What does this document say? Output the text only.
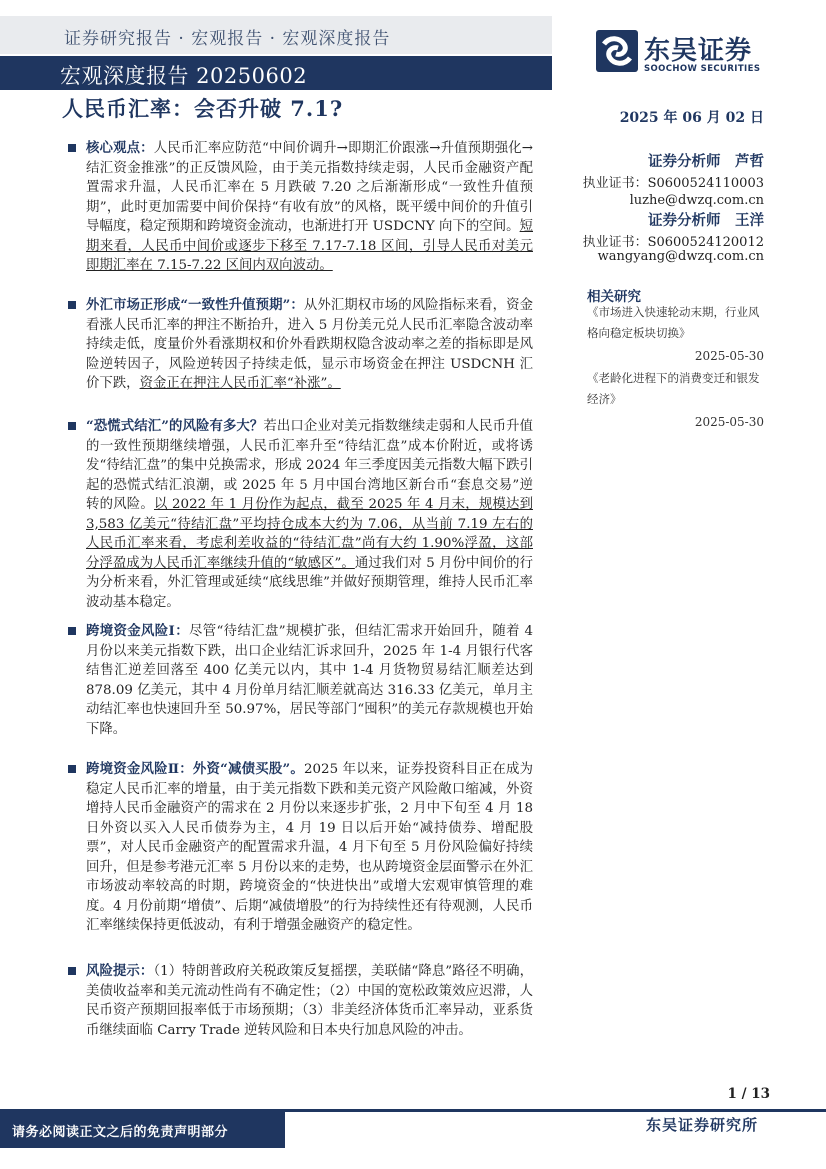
证券研究报告 · 宏观报告 · 宏观深度报告
宏观深度报告 20250602
人民币汇率：会否升破 7.1?
东吴证券
SOOCHOW SECURITIES
2025 年 06 月 02 日
证券分析师　芦哲
执业证书：S0600524110003
luzhe@dwzq.com.cn
证券分析师　王洋
执业证书：S0600524120012
wangyang@dwzq.com.cn
相关研究
《市场进入快速轮动末期，行业风格向稳定板块切换》
2025-05-30
《老龄化进程下的消费变迁和银发经济》
2025-05-30
核心观点：人民币汇率应防范“中间价调升→即期汇价跟涨→升值预期强化→结汇资金推涨”的正反馈风险，由于美元指数持续走弱，人民币金融资产配置需求升温，人民币汇率在 5 月跌破 7.20 之后渐渐形成“一致性升值预期”，此时更加需要中间价保持“有收有放”的风格，既平缓中间价的升值引导幅度，稳定预期和跨境资金流动，也渐进打开 USDCNY 向下的空间。短期来看，人民币中间价或逐步下移至 7.17-7.18 区间，引导人民币对美元即期汇率在 7.15-7.22 区间内双向波动。
外汇市场正形成“一致性升值预期”：从外汇期权市场的风险指标来看，资金看涨人民币汇率的押注不断抬升，进入 5 月份美元兑人民币汇率隐含波动率持续走低，度量价外看涨期权和价外看跌期权隐含波动率之差的指标即是风险逆转因子，风险逆转因子持续走低，显示市场资金在押注 USDCNH 汇价下跌，资金正在押注人民币汇率“补涨”。
“恐慌式结汇”的风险有多大？若出口企业对美元指数继续走弱和人民币升值的一致性预期继续增强，人民币汇率升至“待结汇盘”成本价附近，或将诱发“待结汇盘”的集中兑换需求，形成 2024 年三季度因美元指数大幅下跌引起的恐慌式结汇浪潮，或 2025 年 5 月中国台湾地区新台币“套息交易”逆转的风险。以 2022 年 1 月份作为起点，截至 2025 年 4 月末，规模达到 3,583 亿美元“待结汇盘”平均持仓成本大约为 7.06，从当前 7.19 左右的人民币汇率来看，考虑利差收益的“待结汇盘”尚有大约 1.90%浮盈，这部分浮盈成为人民币汇率继续升值的“敏感区”。通过我们对 5 月份中间价的行为分析来看，外汇管理或延续“底线思维”并做好预期管理，维持人民币汇率波动基本稳定。
跨境资金风险Ⅰ：尽管“待结汇盘”规模扩张，但结汇需求开始回升，随着 4 月份以来美元指数下跌，出口企业结汇诉求回升，2025 年 1-4 月银行代客结售汇逆差回落至 400 亿美元以内，其中 1-4 月货物贸易结汇顺差达到 878.09 亿美元，其中 4 月份单月结汇顺差就高达 316.33 亿美元，单月主动结汇率也快速回升至 50.97%，居民等部门“囤积”的美元存款规模也开始下降。
跨境资金风险Ⅱ：外资“减债买股”。2025 年以来，证券投资科目正在成为稳定人民币汇率的增量，由于美元指数下跌和美元资产风险敞口缩减，外资增持人民币金融资产的需求在 2 月份以来逐步扩张，2 月中下旬至 4 月 18 日外资以买入人民币债券为主，4 月 19 日以后开始“减持债券、增配股票”，对人民币金融资产的配置需求升温，4 月下旬至 5 月份风险偏好持续回升，但是参考港元汇率 5 月份以来的走势，也从跨境资金层面警示在外汇市场波动率较高的时期，跨境资金的“快进快出”或增大宏观审慎管理的难度。4 月份前期“增债”、后期“减债增股”的行为持续性还有待观测，人民币汇率继续保持更低波动，有利于增强金融资产的稳定性。
风险提示：（1）特朗普政府关税政策反复摇摆，美联储“降息”路径不明确，美债收益率和美元流动性尚有不确定性；（2）中国的宽松政策效应迟滞，人民币资产预期回报率低于市场预期；（3）非美经济体货币汇率异动，亚系货币继续面临 Carry Trade 逆转风险和日本央行加息风险的冲击。
1 / 13
请务必阅读正文之后的免责声明部分	东吴证券研究所
